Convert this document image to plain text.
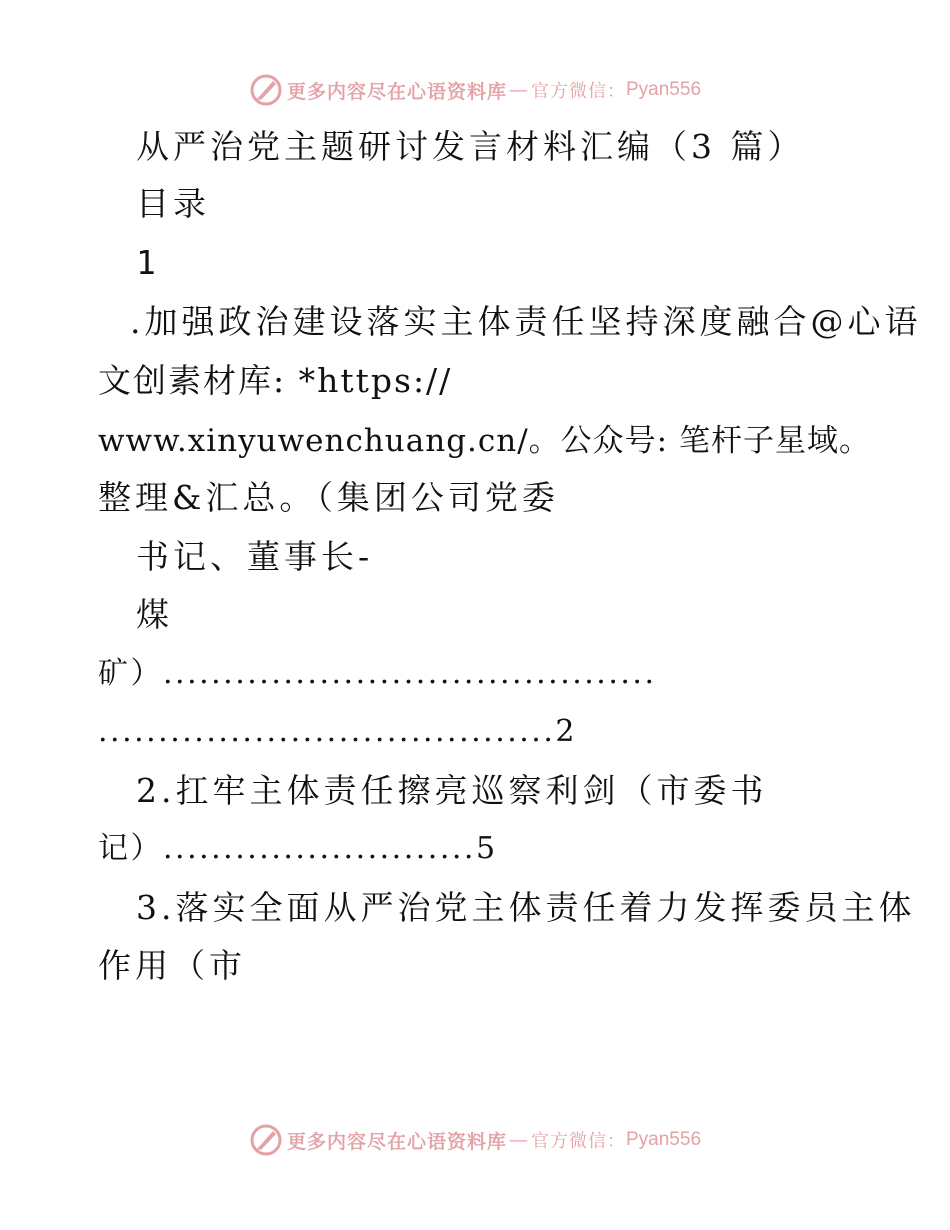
更多内容尽在心语资料库 — 官方微信： Pyan556
从严治党主题研讨发言材料汇编（3 篇）
目录
1
.加强政治建设落实主体责任坚持深度融合@心语
文创素材库: *https://
www.xinyuwenchuang.cn/。公众号: 笔杆子星域。
整理&汇总。（集团公司党委
书记、董事长-
煤
矿）.........................................
......................................2
2.扛牢主体责任擦亮巡察利剑（市委书
记）..........................5
3.落实全面从严治党主体责任着力发挥委员主体
作用（市
更多内容尽在心语资料库 — 官方微信： Pyan556
